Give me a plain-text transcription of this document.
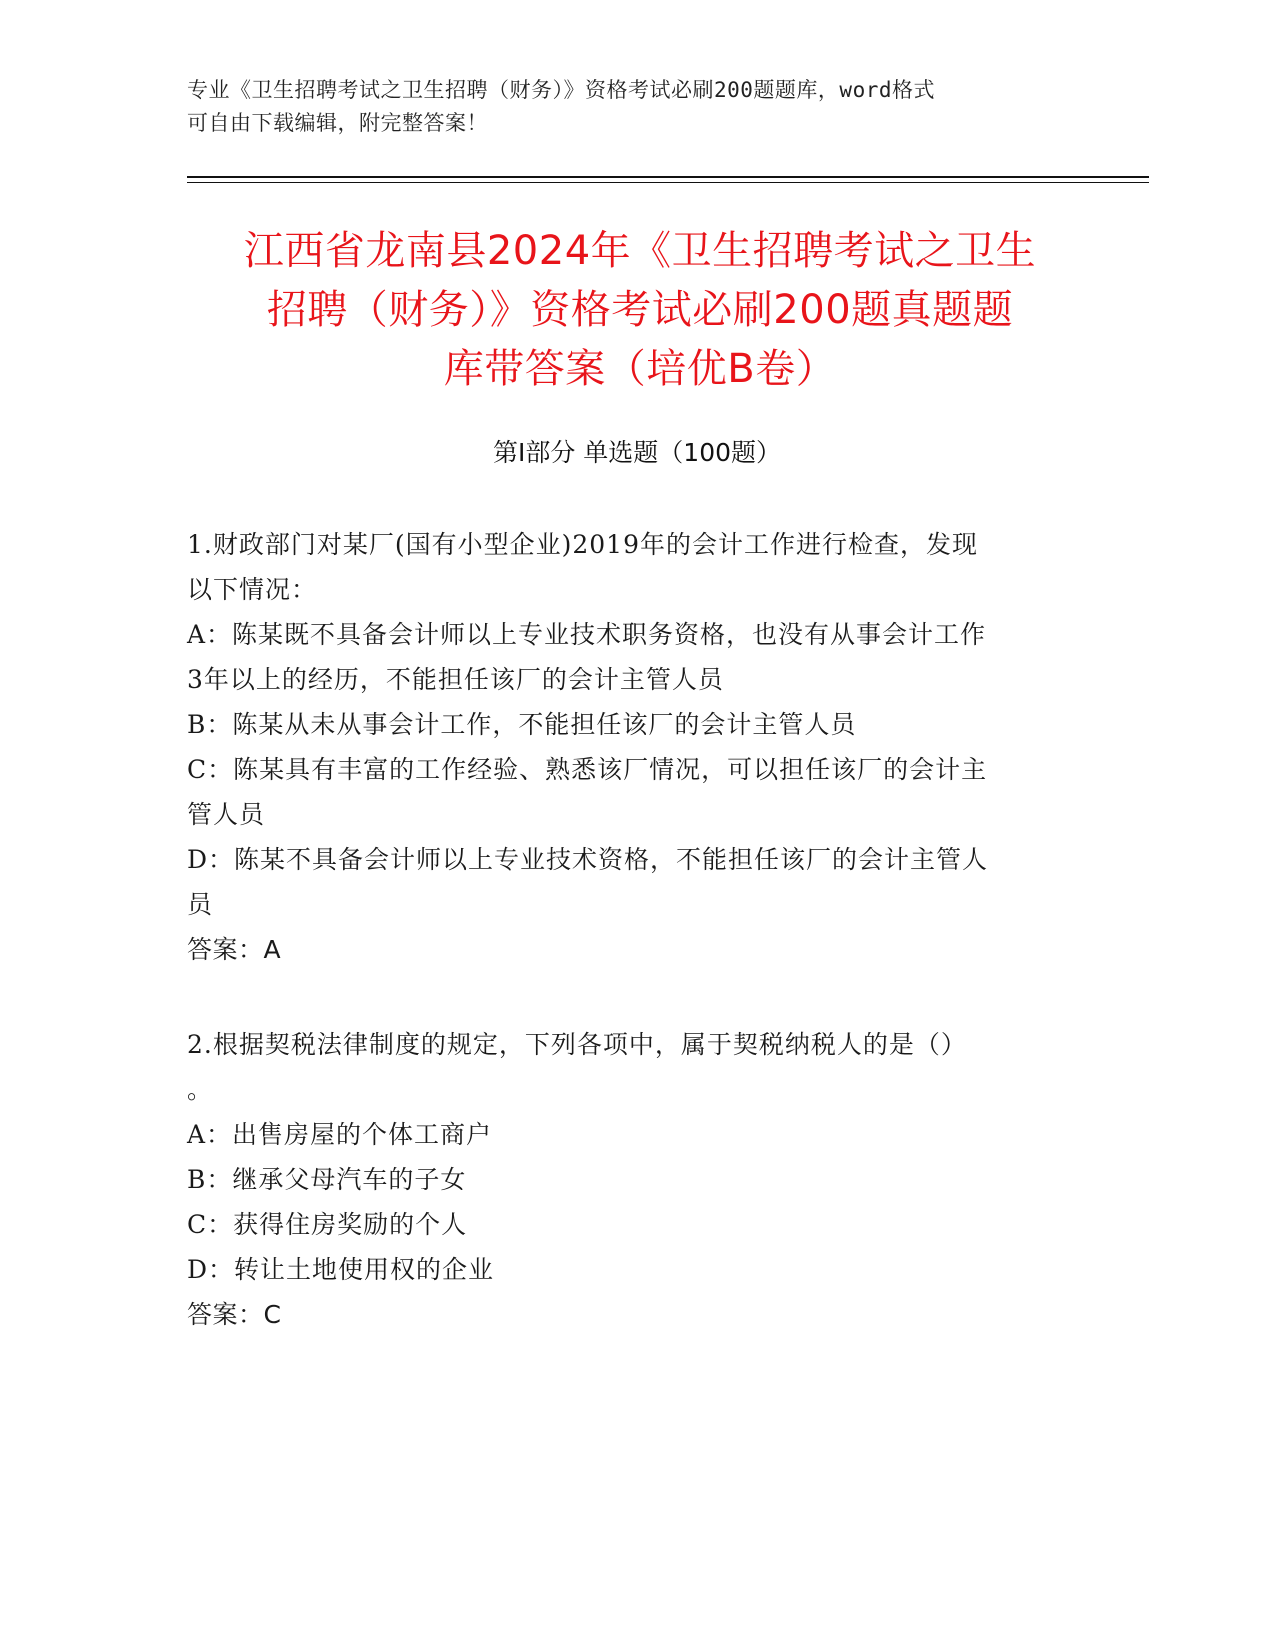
专业《卫生招聘考试之卫生招聘（财务）》资格考试必刷200题题库，word格式
可自由下载编辑，附完整答案！
江西省龙南县2024年《卫生招聘考试之卫生
招聘（财务）》资格考试必刷200题真题题
库带答案（培优B卷）
第Ⅰ部分 单选题（100题）
1.财政部门对某厂(国有小型企业)2019年的会计工作进行检查，发现
以下情况：
A：陈某既不具备会计师以上专业技术职务资格，也没有从事会计工作
3年以上的经历，不能担任该厂的会计主管人员
B：陈某从未从事会计工作，不能担任该厂的会计主管人员
C：陈某具有丰富的工作经验、熟悉该厂情况，可以担任该厂的会计主
管人员
D：陈某不具备会计师以上专业技术资格，不能担任该厂的会计主管人
员
答案：A
2.根据契税法律制度的规定，下列各项中，属于契税纳税人的是（）
。
A：出售房屋的个体工商户
B：继承父母汽车的子女
C：获得住房奖励的个人
D：转让土地使用权的企业
答案：C
